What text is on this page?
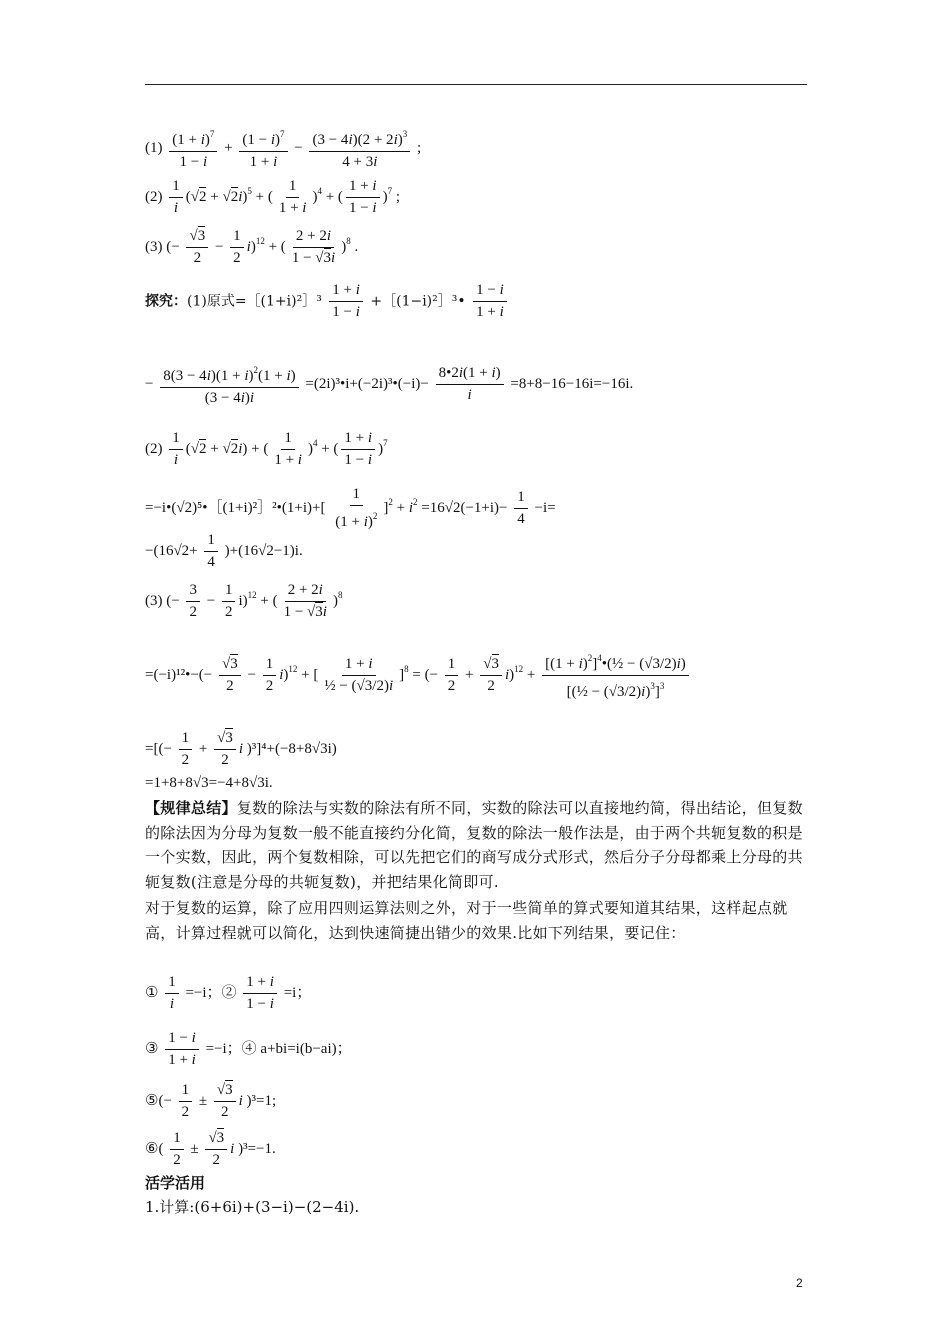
$(1) \frac{(1 + i)^7}{1 - i} + \frac{(1 - i)^7}{1 + i} - \frac{(3 - 4i)(2 + 2i)^3}{4 + 3i}$ ;
$(2) \frac{1}{i} (√2 + √2i)^5$ + ( $\frac{1}{1 + i} )^4$ + ( $\frac{1 + i}{1 - i} )^7$ ;
(3) (− $\frac{√3}{2} - \frac{1}{2} i)^{12}$ + ( $\frac{2 + 2i}{1 - √3i} )^8$ .
探究：(1)原式=［(1+i)²］³ $\frac{1 + i}{1 - i}$ +［(1−i)²］³• $\frac{1 - i}{1 + i}$
− $\frac{8(3 - 4i)(1 + i)^2(1 + i)}{(3 - 4i)i}$ =(2i)³•i+(−2i)³•(−i)− $\frac{8•2i(1 + i)}{i} =8+8-16-16i=-16i$.
$(2) \frac{1}{i} (√2 + √2i)$ + ( $\frac{1}{1 + i} )^4$ + ( $\frac{1 + i}{1 - i} )^7$
=−i•(√2)⁵•［(1+i)²］²•(1+i)+[ $\frac{1}{(1 + i)^2} ]^2 + i^2 =16√2(-1+i)- \frac{1}{4} -i=$
$-(16√2+ \frac{1}{4} )+(16√2-1)i$.
(3) (− $\frac{3}{2} - \frac{1}{2} i)^{12}$ + ( $\frac{2 + 2i}{1 - √3i} )^8$
=(−i)¹²•−(− $\frac{√3}{2} - \frac{1}{2} i)^{12}$ + [ $\frac{1 + i}{\text{½ − (√3/2)i}} ]^8$ = (− $\frac{1}{2} + \frac{√3}{2} i)^{12} + \frac{[(1 + i)^2]^4•(\frac{1}{2} - (√3/2)i)}{[(\frac{1}{2} - (√3/2)i)^3]^3}$
=[(− $\frac{1}{2} + \frac{√3}{2}$ i )³]⁴+(−8+8√3i)
=1+8+8√3=−4+8√3i.
【规律总结】复数的除法与实数的除法有所不同，实数的除法可以直接地约简，得出结论，但复数的除法因为分母为复数一般不能直接约分化简，复数的除法一般作法是，由于两个共轭复数的积是一个实数，因此，两个复数相除，可以先把它们的商写成分式形式，然后分子分母都乘上分母的共轭复数(注意是分母的共轭复数)，并把结果化简即可.
对于复数的运算，除了应用四则运算法则之外，对于一些简单的算式要知道其结果，这样起点就高，计算过程就可以简化，达到快速简捷出错少的效果.比如下列结果，要记住：
① $\frac{1}{i} =-i$；② $\frac{1 + i}{1 - i} =i$；
③ $\frac{1 - i}{1 + i} =-i$；④ a+bi=i(b−ai)；
⑤(− $\frac{1}{2} \pm \frac{√3}{2}$ i )³=1;
⑥( $\frac{1}{2} \pm \frac{√3}{2}$ i )³=−1.
活学活用
1.计算:(6+6i)+(3−i)−(2−4i).
2
